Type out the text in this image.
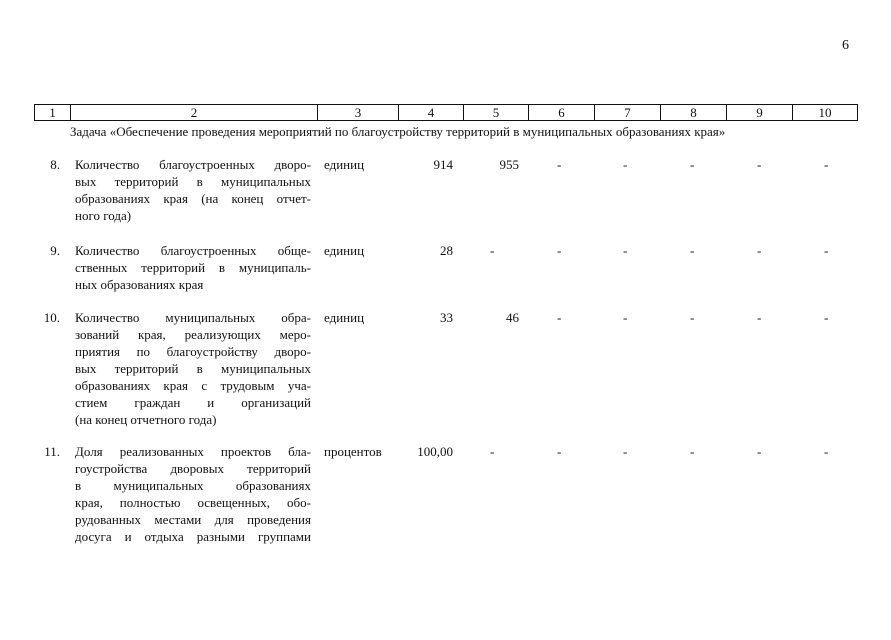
6
1	2	3	4	5	6	7	8	9	10
Задача «Обеспечение проведения мероприятий по благоустройству территорий в муниципальных образованиях края»
8. Количество благоустроенных дворо-
вых территорий в муниципальных
образованиях края (на конец отчет-
ного года)
единиц	914	955	-	-	-	-	-
9. Количество благоустроенных обще-
ственных территорий в муниципаль-
ных образованиях края
единиц	28	-	-	-	-	-	-
10. Количество муниципальных обра-
зований края, реализующих меро-
приятия по благоустройству дворо-
вых территорий в муниципальных
образованиях края с трудовым уча-
стием граждан и организаций
(на конец отчетного года)
единиц	33	46	-	-	-	-	-
11. Доля реализованных проектов бла-
гоустройства дворовых территорий
в муниципальных образованиях
края, полностью освещенных, обо-
рудованных местами для проведения
досуга и отдыха разными группами
процентов	100,00	-	-	-	-	-	-
